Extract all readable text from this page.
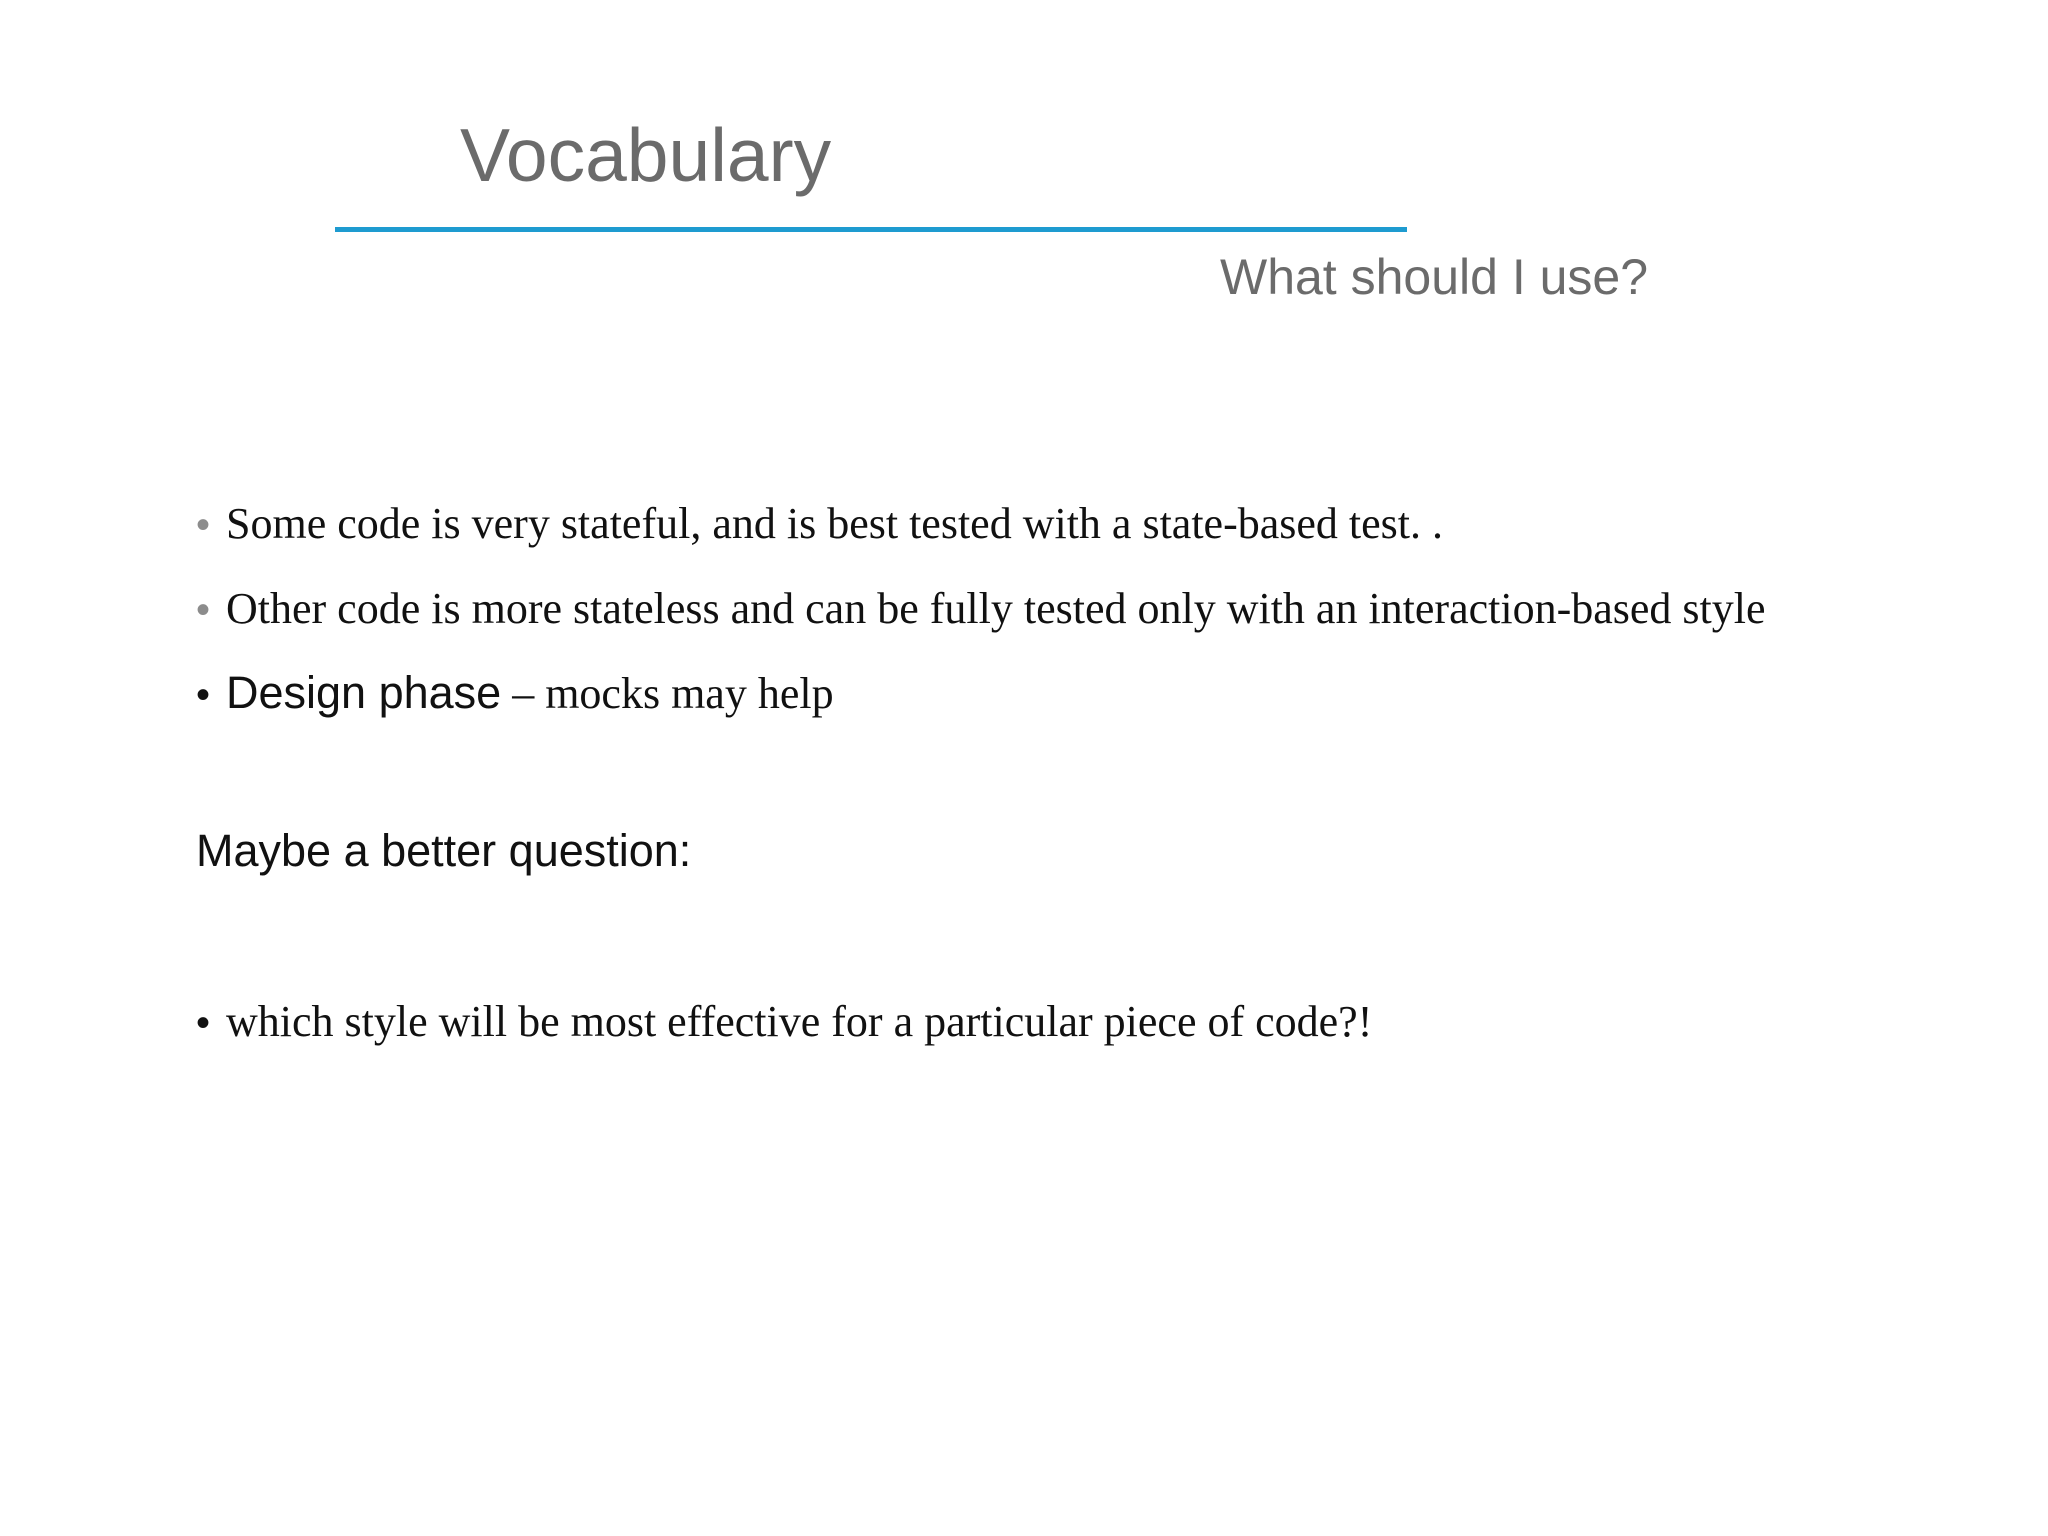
Vocabulary
What should I use?
• Some code is very stateful, and is best tested with a state-based test. .
• Other code is more stateless and can be fully tested only with an interaction-based style
• Design phase – mocks may help
Maybe a better question:
• which style will be most effective for a particular piece of code?!
